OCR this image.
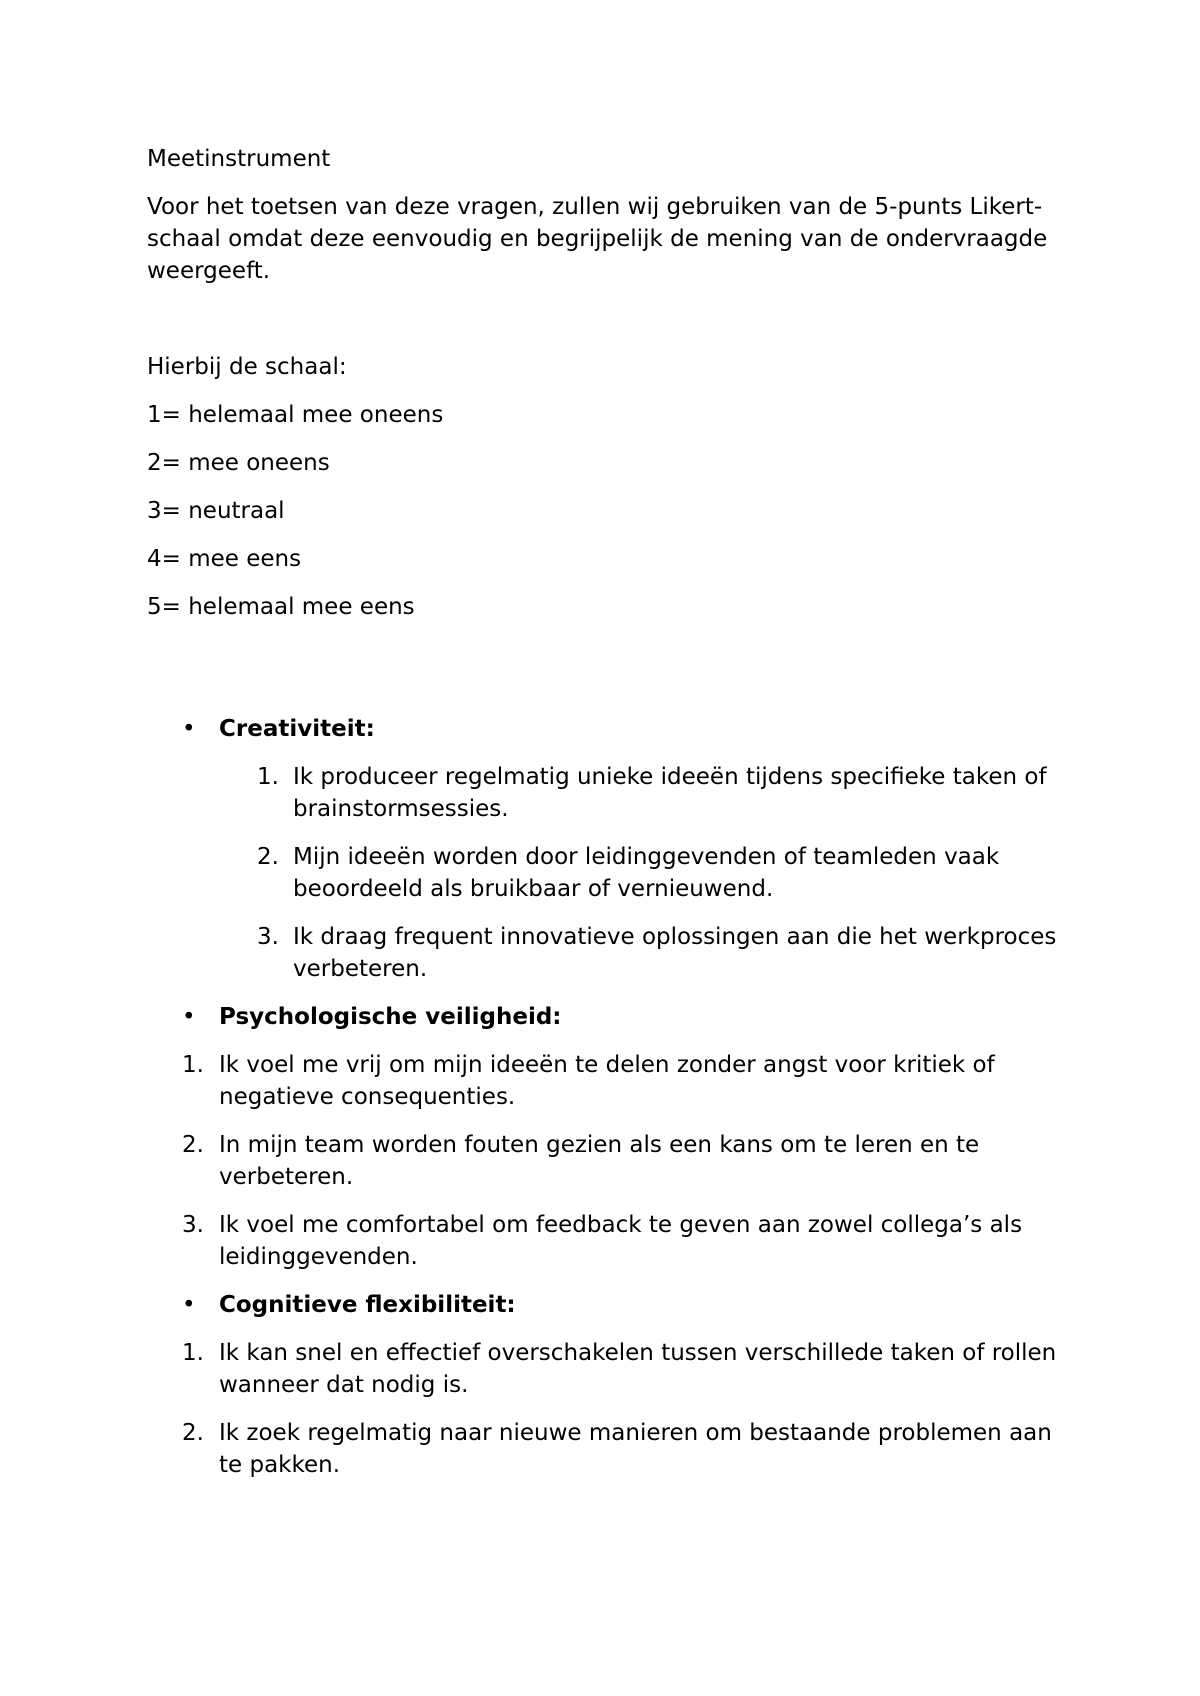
Meetinstrument

Voor het toetsen van deze vragen, zullen wij gebruiken van de 5-punts Likert-schaal omdat deze eenvoudig en begrijpelijk de mening van de ondervraagde weergeeft.

Hierbij de schaal:

1= helemaal mee oneens

2= mee oneens

3= neutraal

4= mee eens

5= helemaal mee eens

• Creativiteit:

1. Ik produceer regelmatig unieke ideeën tijdens specifieke taken of brainstormsessies.

2. Mijn ideeën worden door leidinggevenden of teamleden vaak beoordeeld als bruikbaar of vernieuwend.

3. Ik draag frequent innovatieve oplossingen aan die het werkproces verbeteren.

• Psychologische veiligheid:

1. Ik voel me vrij om mijn ideeën te delen zonder angst voor kritiek of negatieve consequenties.

2. In mijn team worden fouten gezien als een kans om te leren en te verbeteren.

3. Ik voel me comfortabel om feedback te geven aan zowel collega’s als leidinggevenden.

• Cognitieve flexibiliteit:

1. Ik kan snel en effectief overschakelen tussen verschillede taken of rollen wanneer dat nodig is.

2. Ik zoek regelmatig naar nieuwe manieren om bestaande problemen aan te pakken.
